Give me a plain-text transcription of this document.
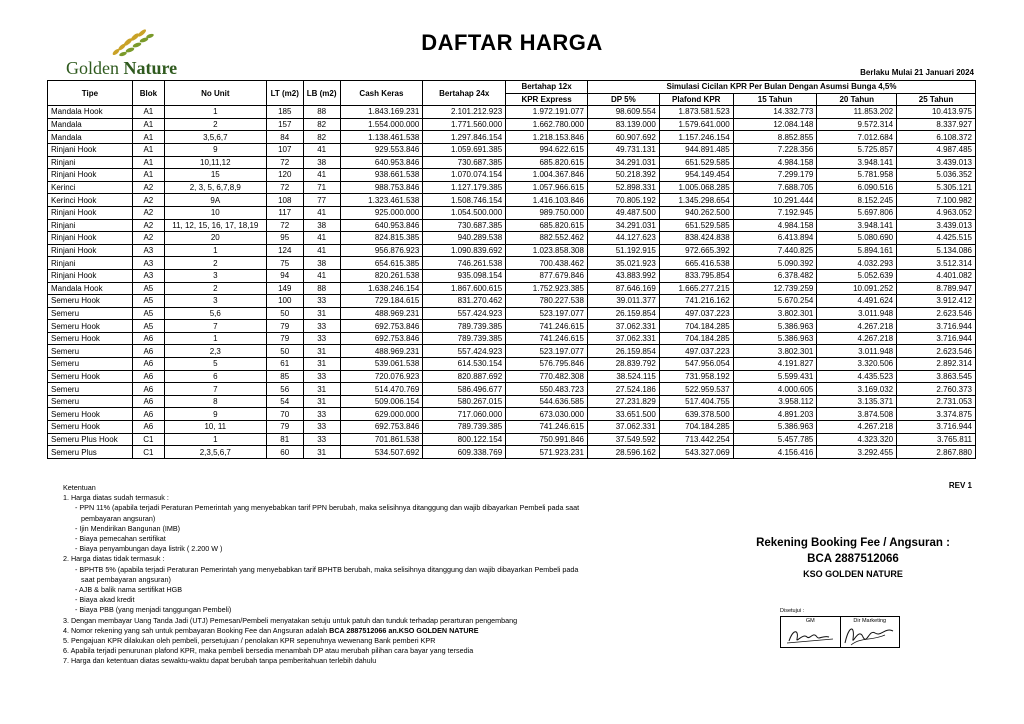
Golden Nature
DAFTAR HARGA
Berlaku Mulai 21 Januari 2024
Tipe	Blok	No Unit	LT (m2)	LB (m2)	Cash Keras	Bertahap 24x	Bertahap 12x	Simulasi Cicilan KPR Per Bulan Dengan Asumsi Bunga 4,5%				
							KPR Express	DP 5%	Plafond KPR	15 Tahun	20 Tahun	25 Tahun
Mandala Hook	A1	1	185	88	1.843.169.231	2.101.212.923	1.972.191.077	98.609.554	1.873.581.523	14.332.773	11.853.202	10.413.975
Mandala	A1	2	157	82	1.554.000.000	1.771.560.000	1.662.780.000	83.139.000	1.579.641.000	12.084.148	9.572.314	8.337.927
Mandala	A1	3,5,6,7	84	82	1.138.461.538	1.297.846.154	1.218.153.846	60.907.692	1.157.246.154	8.852.855	7.012.684	6.108.372
Rinjani Hook	A1	9	107	41	929.553.846	1.059.691.385	994.622.615	49.731.131	944.891.485	7.228.356	5.725.857	4.987.485
Rinjani	A1	10,11,12	72	38	640.953.846	730.687.385	685.820.615	34.291.031	651.529.585	4.984.158	3.948.141	3.439.013
Rinjani Hook	A1	15	120	41	938.661.538	1.070.074.154	1.004.367.846	50.218.392	954.149.454	7.299.179	5.781.958	5.036.352
Kerinci	A2	2, 3, 5, 6,7,8,9	72	71	988.753.846	1.127.179.385	1.057.966.615	52.898.331	1.005.068.285	7.688.705	6.090.516	5.305.121
Kerinci Hook	A2	9A	108	77	1.323.461.538	1.508.746.154	1.416.103.846	70.805.192	1.345.298.654	10.291.444	8.152.245	7.100.982
Rinjani Hook	A2	10	117	41	925.000.000	1.054.500.000	989.750.000	49.487.500	940.262.500	7.192.945	5.697.806	4.963.052
Rinjani	A2	11, 12, 15, 16, 17, 18,19	72	38	640.953.846	730.687.385	685.820.615	34.291.031	651.529.585	4.984.158	3.948.141	3.439.013
Rinjani Hook	A2	20	95	41	824.815.385	940.289.538	882.552.462	44.127.623	838.424.838	6.413.894	5.080.690	4.425.515
Rinjani Hook	A3	1	124	41	956.876.923	1.090.839.692	1.023.858.308	51.192.915	972.665.392	7.440.825	5.894.161	5.134.086
Rinjani	A3	2	75	38	654.615.385	746.261.538	700.438.462	35.021.923	665.416.538	5.090.392	4.032.293	3.512.314
Rinjani Hook	A3	3	94	41	820.261.538	935.098.154	877.679.846	43.883.992	833.795.854	6.378.482	5.052.639	4.401.082
Mandala Hook	A5	2	149	88	1.638.246.154	1.867.600.615	1.752.923.385	87.646.169	1.665.277.215	12.739.259	10.091.252	8.789.947
Semeru Hook	A5	3	100	33	729.184.615	831.270.462	780.227.538	39.011.377	741.216.162	5.670.254	4.491.624	3.912.412
Semeru	A5	5,6	50	31	488.969.231	557.424.923	523.197.077	26.159.854	497.037.223	3.802.301	3.011.948	2.623.546
Semeru Hook	A5	7	79	33	692.753.846	789.739.385	741.246.615	37.062.331	704.184.285	5.386.963	4.267.218	3.716.944
Semeru Hook	A6	1	79	33	692.753.846	789.739.385	741.246.615	37.062.331	704.184.285	5.386.963	4.267.218	3.716.944
Semeru	A6	2,3	50	31	488.969.231	557.424.923	523.197.077	26.159.854	497.037.223	3.802.301	3.011.948	2.623.546
Semeru	A6	5	61	31	539.061.538	614.530.154	576.795.846	28.839.792	547.956.054	4.191.827	3.320.506	2.892.314
Semeru Hook	A6	6	85	33	720.076.923	820.887.692	770.482.308	38.524.115	731.958.192	5.599.431	4.435.523	3.863.545
Semeru	A6	7	56	31	514.470.769	586.496.677	550.483.723	27.524.186	522.959.537	4.000.605	3.169.032	2.760.373
Semeru	A6	8	54	31	509.006.154	580.267.015	544.636.585	27.231.829	517.404.755	3.958.112	3.135.371	2.731.053
Semeru Hook	A6	9	70	33	629.000.000	717.060.000	673.030.000	33.651.500	639.378.500	4.891.203	3.874.508	3.374.875
Semeru Hook	A6	10, 11	79	33	692.753.846	789.739.385	741.246.615	37.062.331	704.184.285	5.386.963	4.267.218	3.716.944
Semeru Plus Hook	C1	1	81	33	701.861.538	800.122.154	750.991.846	37.549.592	713.442.254	5.457.785	4.323.320	3.765.811
Semeru Plus	C1	2,3,5,6,7	60	31	534.507.692	609.338.769	571.923.231	28.596.162	543.327.069	4.156.416	3.292.455	2.867.880
REV 1
Ketentuan
1. Harga diatas sudah termasuk :
- PPN 11% (apabila terjadi Peraturan Pemerintah yang menyebabkan tarif PPN berubah, maka selisihnya ditanggung dan wajib dibayarkan Pembeli pada saat
pembayaran angsuran)
- Ijin Mendirikan Bangunan (IMB)
- Biaya pemecahan sertifikat
- Biaya penyambungan daya listrik ( 2.200 W )
2. Harga diatas tidak termasuk :
- BPHTB 5% (apabila terjadi Peraturan Pemerintah yang menyebabkan tarif BPHTB berubah, maka selisihnya ditanggung dan wajib dibayarkan Pembeli pada
saat pembayaran angsuran)
- AJB & balik nama sertifikat HGB
- Biaya akad kredit
- Biaya PBB (yang menjadi tanggungan Pembeli)
3. Dengan membayar Uang Tanda Jadi (UTJ) Pemesan/Pembeli menyatakan setuju untuk patuh dan tunduk terhadap perarturan pengembang
4. Nomor rekening yang sah untuk pembayaran Booking Fee dan Angsuran adalah BCA 2887512066 an.KSO GOLDEN NATURE
5. Pengajuan KPR dilakukan oleh pembeli, persetujuan / penolakan KPR sepenuhnya wewenang Bank pemberi KPR
6. Apabila terjadi penurunan plafond KPR, maka pembeli bersedia menambah DP atau merubah pilihan cara bayar yang tersedia
7. Harga dan ketentuan diatas sewaktu-waktu dapat berubah tanpa pemberitahuan terlebih dahulu
Rekening Booking Fee / Angsuran :
BCA 2887512066
KSO GOLDEN NATURE
Disetujui :
GM	Dir Marketing
